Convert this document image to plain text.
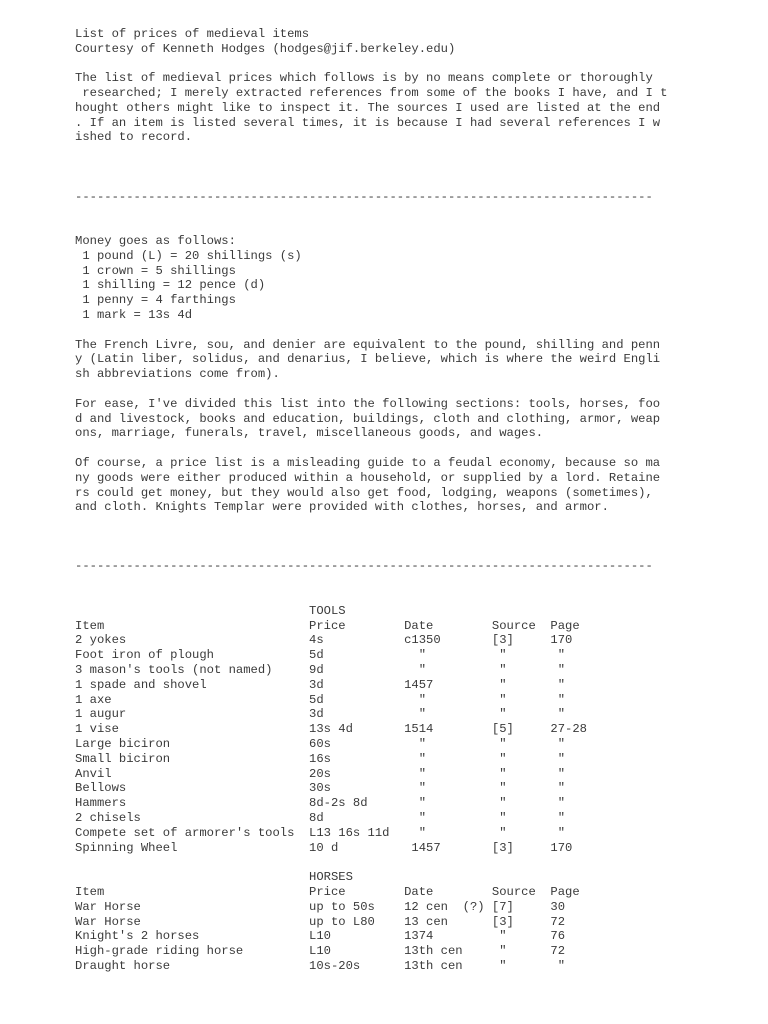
List of prices of medieval items
Courtesy of Kenneth Hodges (hodges@jif.berkeley.edu)

The list of medieval prices which follows is by no means complete or thoroughly
researched; I merely extracted references from some of the books I have, and I t
hought others might like to inspect it. The sources I used are listed at the end
. If an item is listed several times, it is because I had several references I w
ished to record.

-------------------------------------------------------------------------------

Money goes as follows:
1 pound (L) = 20 shillings (s)
1 crown = 5 shillings
1 shilling = 12 pence (d)
1 penny = 4 farthings
1 mark = 13s 4d

The French Livre, sou, and denier are equivalent to the pound, shilling and penn
y (Latin liber, solidus, and denarius, I believe, which is where the weird Engli
sh abbreviations come from).

For ease, I've divided this list into the following sections: tools, horses, foo
d and livestock, books and education, buildings, cloth and clothing, armor, weap
ons, marriage, funerals, travel, miscellaneous goods, and wages.

Of course, a price list is a misleading guide to a feudal economy, because so ma
ny goods were either produced within a household, or supplied by a lord. Retaine
rs could get money, but they would also get food, lodging, weapons (sometimes),
and cloth. Knights Templar were provided with clothes, horses, and armor.

-------------------------------------------------------------------------------

TOOLS
Item                            Price        Date        Source  Page
2 yokes                         4s           c1350       [3]     170
Foot iron of plough             5d             "          "       "
3 mason's tools (not named)     9d             "          "       "
1 spade and shovel              3d           1457         "       "
1 axe                           5d             "          "       "
1 augur                         3d             "          "       "
1 vise                          13s 4d       1514        [5]     27-28
Large biciron                   60s            "          "       "
Small biciron                   16s            "          "       "
Anvil                           20s            "          "       "
Bellows                         30s            "          "       "
Hammers                         8d-2s 8d       "          "       "
2 chisels                       8d             "          "       "
Compete set of armorer's tools  L13 16s 11d    "          "       "
Spinning Wheel                  10 d          1457       [3]     170

HORSES
Item                            Price        Date        Source  Page
War Horse                       up to 50s    12 cen  (?) [7]     30
War Horse                       up to L80    13 cen      [3]     72
Knight's 2 horses               L10          1374         "      76
High-grade riding horse         L10          13th cen     "      72
Draught horse                   10s-20s      13th cen     "       "
